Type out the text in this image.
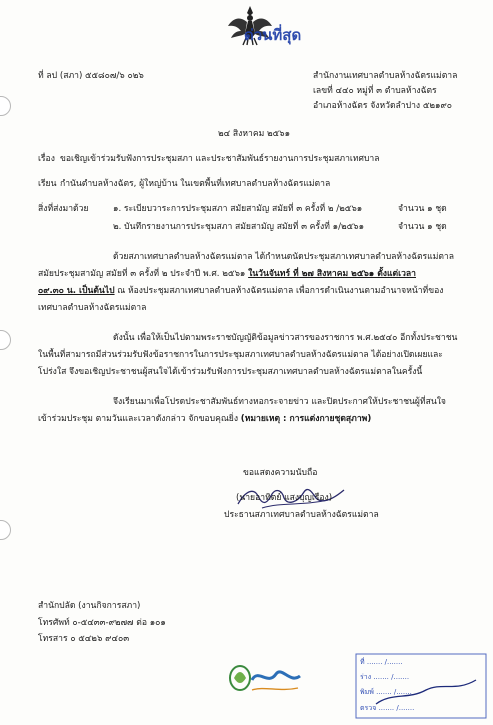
ด่วนที่สุด
ที่ ลป (สภา) ๕๕๘๐๗/๖ ๐๒๖	สำนักงานเทศบาลตำบลห้างฉัตรแม่ตาล
เลขที่ ๔๔๐ หมู่ที่ ๓ ตำบลห้างฉัตร
อำเภอห้างฉัตร จังหวัดลำปาง ๕๒๑๙๐
๒๔ สิงหาคม ๒๕๖๑
เรื่อง ขอเชิญเข้าร่วมรับฟังการประชุมสภา และประชาสัมพันธ์รายงานการประชุมสภาเทศบาล
เรียน กำนันตำบลห้างฉัตร, ผู้ใหญ่บ้าน ในเขตพื้นที่เทศบาลตำบลห้างฉัตรแม่ตาล
สิ่งที่ส่งมาด้วย	๑. ระเบียบวาระการประชุมสภา สมัยสามัญ สมัยที่ ๓ ครั้งที่ ๒ /๒๕๖๑	จำนวน ๑ ชุด
๒. บันทึกรายงานการประชุมสภา สมัยสามัญ สมัยที่ ๓ ครั้งที่ ๑/๒๕๖๑	จำนวน ๑ ชุด
ด้วยสภาเทศบาลตำบลห้างฉัตรแม่ตาล ได้กำหนดนัดประชุมสภาเทศบาลตำบลห้างฉัตรแม่ตาล
สมัยประชุมสามัญ สมัยที่ ๓ ครั้งที่ ๒ ประจำปี พ.ศ. ๒๕๖๑ ในวันจันทร์ ที่ ๒๗ สิงหาคม ๒๕๖๑ ตั้งแต่เวลา
๐๙.๓๐ น. เป็นต้นไป ณ ห้องประชุมสภาเทศบาลตำบลห้างฉัตรแม่ตาล เพื่อการดำเนินงานตามอำนาจหน้าที่ของ
เทศบาลตำบลห้างฉัตรแม่ตาล
ดังนั้น เพื่อให้เป็นไปตามพระราชบัญญัติข้อมูลข่าวสารของราชการ พ.ศ.๒๕๔๐ อีกทั้งประชาชน
ในพื้นที่สามารถมีส่วนร่วมรับฟังข้อราชการในการประชุมสภาเทศบาลตำบลห้างฉัตรแม่ตาล ได้อย่างเปิดเผยและ
โปร่งใส จึงขอเชิญประชาชนผู้สนใจได้เข้าร่วมรับฟังการประชุมสภาเทศบาลตำบลห้างฉัตรแม่ตาลในครั้งนี้
จึงเรียนมาเพื่อโปรดประชาสัมพันธ์ทางหอกระจายข่าว และปิดประกาศให้ประชาชนผู้ที่สนใจ
เข้าร่วมประชุม ตามวันและเวลาดังกล่าว จักขอบคุณยิ่ง (หมายเหตุ : การแต่งกายชุดสุภาพ)
ขอแสดงความนับถือ
(นายอาทิตย์ แสงบุญเรือง)
ประธานสภาเทศบาลตำบลห้างฉัตรแม่ตาล
สำนักปลัด (งานกิจการสภา)
โทรศัพท์ ๐-๕๔๓๓-๙๒๗๗ ต่อ ๑๐๑
โทรสาร ๐ ๕๔๒๖ ๙๔๐๓
ที่ ....... /.......
ร่าง ....... /.......
พิมพ์ ....... /.......
ตรวจ ....... /.......
